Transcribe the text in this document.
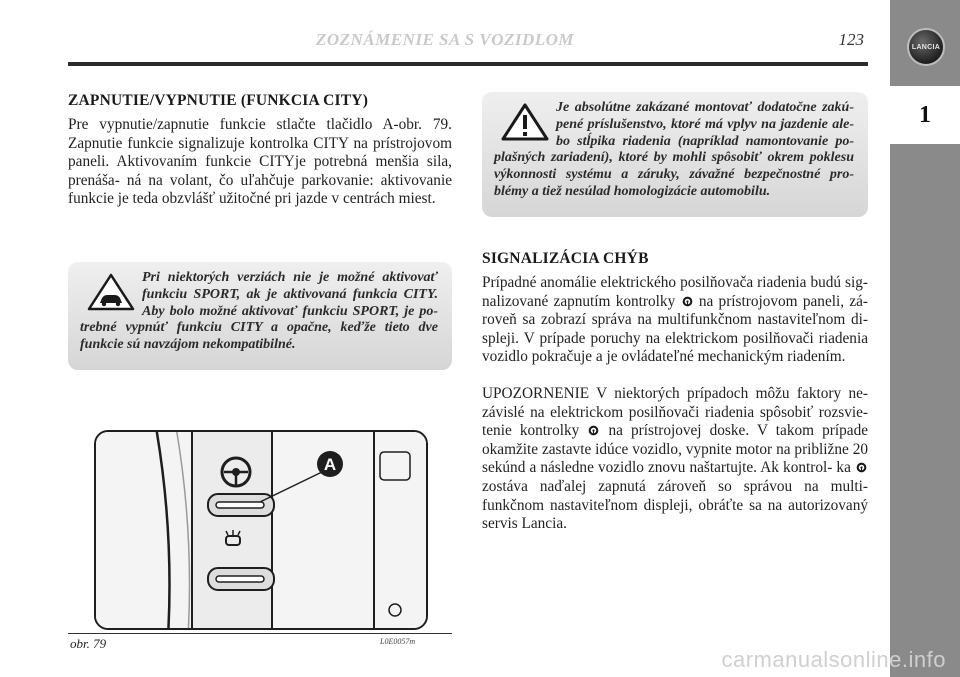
ZOZNÁMENIE SA S VOZIDLOM	123	LANCIA
1
ZAPNUTIE/VYPNUTIE (FUNKCIA CITY)

Pre vypnutie/zapnutie funkcie stlačte tlačidlo A-obr. 79. Zapnutie funkcie signalizuje kontrolka CITY na prístrojovom paneli. Aktivovaním funkcie CITYje potrebná menšia sila, prenáša- ná na volant, čo uľahčuje parkovanie: aktivovanie funkcie je teda obzvlášť užitočné pri jazde v centrách miest.

Pri niektorých verziách nie je možné aktivovať funkciu SPORT, ak je aktivovaná funkcia CITY. Aby bolo možné aktivovať funkciu SPORT, je po- trebné vypnúť funkciu CITY a opačne, keďže tieto dve funkcie sú navzájom nekompatibilné.

Je absolútne zakázané montovať dodatočne zakú- pené príslušenstvo, ktoré má vplyv na jazdenie ale- bo stĺpika riadenia (napríklad namontovanie po- plašných zariadení), ktoré by mohli spôsobiť okrem poklesu výkonnosti systému a záruky, závažné bezpečnostné pro- blémy a tiež nesúlad homologizácie automobilu.

SIGNALIZÁCIA CHÝB

Prípadné anomálie elektrického posilňovača riadenia budú sig- nalizované zapnutím kontrolky na prístrojovom paneli, zá- roveň sa zobrazí správa na multifunkčnom nastaviteľnom di- spleji. V prípade poruchy na elektrickom posilňovači riadenia vozidlo pokračuje a je ovládateľné mechanickým riadením.

UPOZORNENIE V niektorých prípadoch môžu faktory ne- závislé na elektrickom posilňovači riadenia spôsobiť rozsvie- tenie kontrolky na prístrojovej doske. V takom prípade okamžite zastavte idúce vozidlo, vypnite motor na približne 20 sekúnd a následne vozidlo znovu naštartujte. Ak kontrol- ka  zostáva naďalej zapnutá zároveň so správou na multi- funkčnom nastaviteľnom displeji, obráťte sa na autorizovaný servis Lancia.

A
obr. 79	L0E0057m
carmanualsonline.info
